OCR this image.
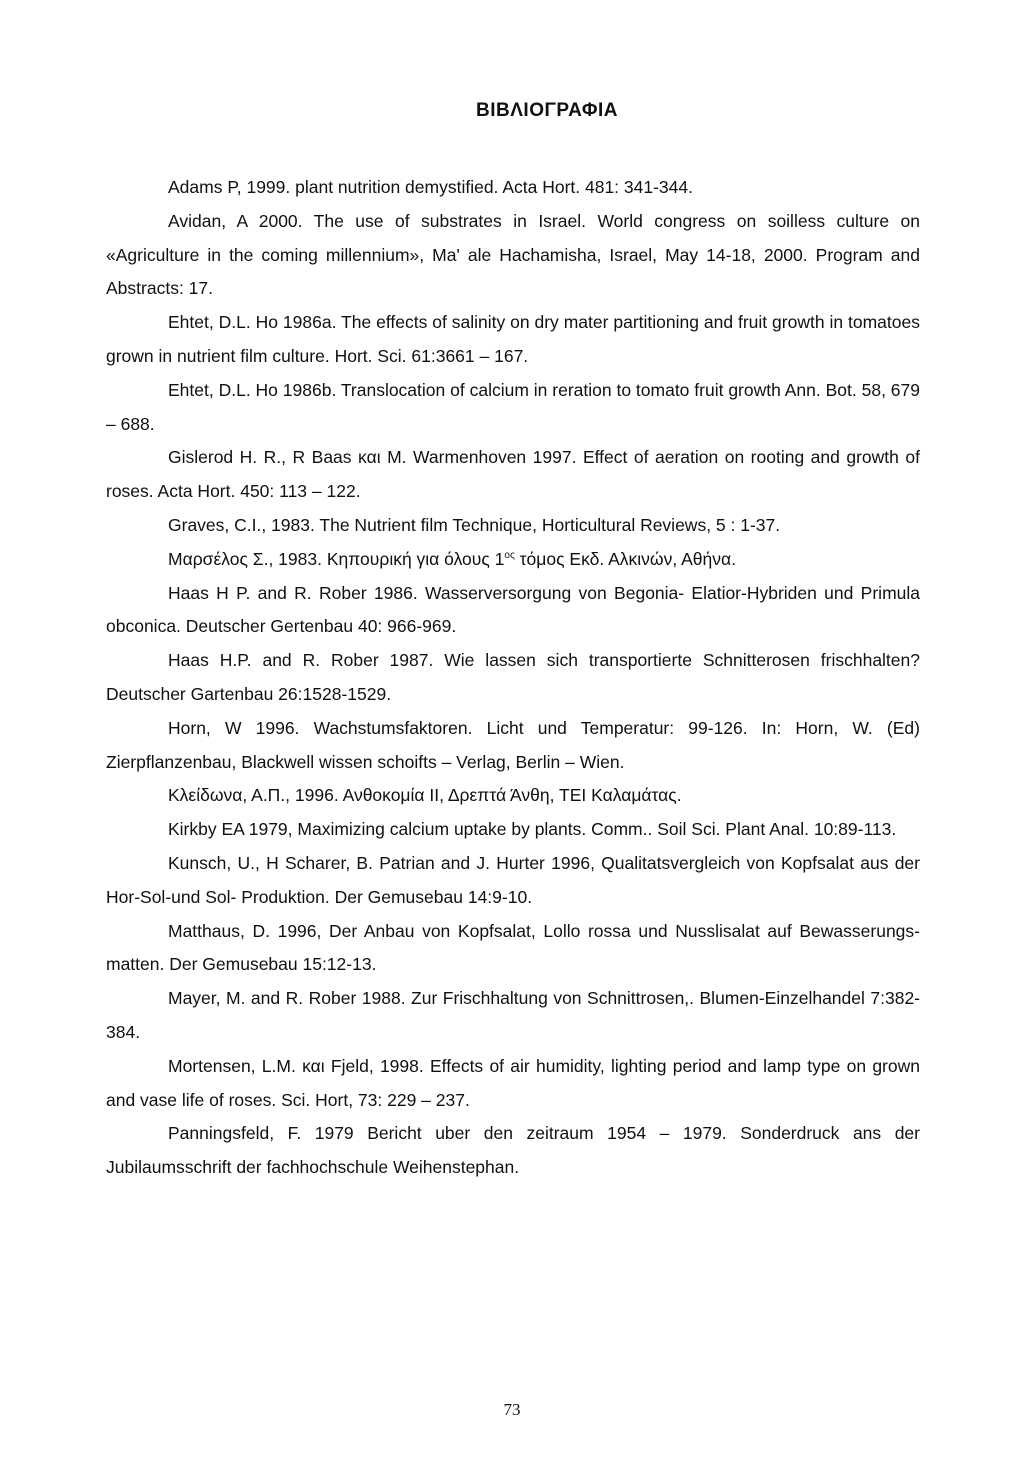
ΒΙΒΛΙΟΓΡΑΦΙΑ

Adams P, 1999. plant nutrition demystified. Acta Hort. 481: 341-344.

Avidan, A 2000. The use of substrates in Israel. World congress on soilless culture on «Agriculture in the coming millennium», Ma' ale Hachamisha, Israel, May 14-18, 2000. Program and Abstracts: 17.

Ehtet, D.L. Ho 1986a. The effects of salinity on dry mater partitioning and fruit growth in tomatoes grown in nutrient film culture. Hort. Sci. 61:3661 – 167.

Ehtet, D.L. Ho 1986b. Translocation of calcium in reration to tomato fruit growth Ann. Bot. 58, 679 – 688.

Gislerod H. R., R Baas και M. Warmenhoven 1997. Effect of aeration on rooting and growth of roses. Acta Hort. 450: 113 – 122.

Graves, C.I., 1983. The Nutrient film Technique, Horticultural Reviews, 5 : 1-37.

Μαρσέλος Σ., 1983. Κηπουρική για όλους $1^{o\varsigma}$ τόμος Εκδ. Αλκινών, Αθήνα.

Haas H P. and R. Rober 1986. Wasserversorgung von Begonia- Elatior-Hybriden und Primula obconica. Deutscher Gertenbau 40: 966-969.

Haas H.P. and R. Rober 1987. Wie lassen sich transportierte Schnitterosen frischhalten? Deutscher Gartenbau 26:1528-1529.

Horn, W 1996. Wachstumsfaktoren. Licht und Temperatur: 99-126. In: Horn, W. (Ed) Zierpflanzenbau, Blackwell wissen schoifts – Verlag, Berlin – Wien.

Κλείδωνα, Α.Π., 1996. Ανθοκομία ΙΙ, Δρεπτά Άνθη, ΤΕΙ Καλαμάτας.

Kirkby EA 1979, Maximizing calcium uptake by plants. Comm.. Soil Sci. Plant Anal. 10:89-113.

Kunsch, U., H Scharer, B. Patrian and J. Hurter 1996, Qualitatsvergleich von Kopfsalat aus der Hor-Sol-und Sol- Produktion. Der Gemusebau 14:9-10.

Matthaus, D. 1996, Der Anbau von Kopfsalat, Lollo rossa und Nusslisalat auf Bewasserungs-matten. Der Gemusebau 15:12-13.

Mayer, M. and R. Rober 1988. Zur Frischhaltung von Schnittrosen,. Blumen-Einzelhandel 7:382-384.

Mortensen, L.M. και Fjeld, 1998. Effects of air humidity, lighting period and lamp type on grown and vase life of roses. Sci. Hort, 73: 229 – 237.

Panningsfeld, F. 1979 Bericht uber den zeitraum 1954 – 1979. Sonderdruck ans der Jubilaumsschrift der fachhochschule Weihenstephan.

73
